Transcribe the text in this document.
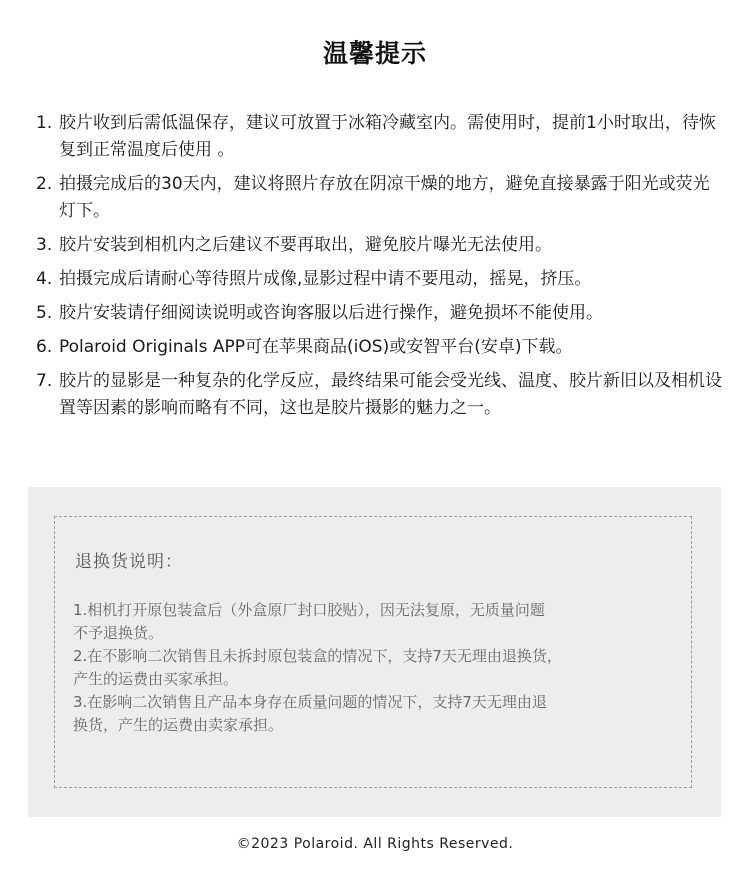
温馨提示
1. 胶片收到后需低温保存，建议可放置于冰箱冷藏室内。需使用时，提前1小时取出，待恢复到正常温度后使用 。
2. 拍摄完成后的30天内，建议将照片存放在阴凉干燥的地方，避免直接暴露于阳光或荧光灯下。
3. 胶片安装到相机内之后建议不要再取出，避免胶片曝光无法使用。
4. 拍摄完成后请耐心等待照片成像,显影过程中请不要甩动，摇晃，挤压。
5. 胶片安装请仔细阅读说明或咨询客服以后进行操作，避免损坏不能使用。
6. Polaroid Originals APP可在苹果商品(iOS)或安智平台(安卓)下载。
7. 胶片的显影是一种复杂的化学反应，最终结果可能会受光线、温度、胶片新旧以及相机设置等因素的影响而略有不同，这也是胶片摄影的魅力之一。
退换货说明：
1.相机打开原包装盒后（外盒原厂封口胶贴），因无法复原，无质量问题
不予退换货。
2.在不影响二次销售且未拆封原包装盒的情况下，支持7天无理由退换货，
产生的运费由买家承担。
3.在影响二次销售且产品本身存在质量问题的情况下，支持7天无理由退
换货，产生的运费由卖家承担。
©2023 Polaroid. All Rights Reserved.
